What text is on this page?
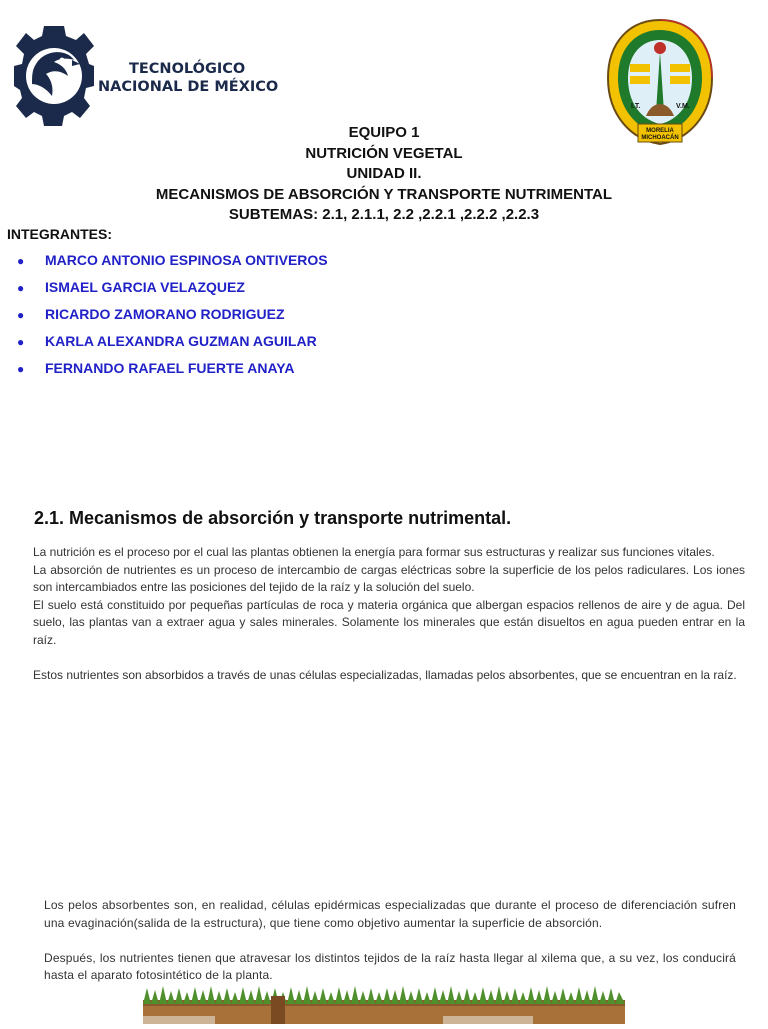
TECNOLÓGICO
NACIONAL DE MÉXICO
I.T.	V.M.
MORELIA
MICHOACÁN
EQUIPO 1
NUTRICIÓN VEGETAL
UNIDAD II.
MECANISMOS DE ABSORCIÓN Y TRANSPORTE NUTRIMENTAL
SUBTEMAS: 2.1, 2.1.1, 2.2 ,2.2.1 ,2.2.2 ,2.2.3
INTEGRANTES:
● MARCO ANTONIO ESPINOSA ONTIVEROS
● ISMAEL GARCIA VELAZQUEZ
● RICARDO ZAMORANO RODRIGUEZ
● KARLA ALEXANDRA GUZMAN AGUILAR
● FERNANDO RAFAEL FUERTE ANAYA
2.1. Mecanismos de absorción y transporte nutrimental.

La nutrición es el proceso por el cual las plantas obtienen la energía para formar sus estructuras y realizar sus funciones vitales.

La absorción de nutrientes es un proceso de intercambio de cargas eléctricas sobre la superficie de los pelos radiculares. Los iones son intercambiados entre las posiciones del tejido de la raíz y la solución del suelo.

El suelo está constituido por pequeñas partículas de roca y materia orgánica que albergan espacios rellenos de aire y de agua. Del suelo, las plantas van a extraer agua y sales minerales. Solamente los minerales que están disueltos en agua pueden entrar en la raíz.

Estos nutrientes son absorbidos a través de unas células especializadas, llamadas pelos absorbentes, que se encuentran en la raíz.

Los pelos absorbentes son, en realidad, células epidérmicas especializadas que durante el proceso de diferenciación sufren una evaginación(salida de la estructura), que tiene como objetivo aumentar la superficie de absorción.

Después, los nutrientes tienen que atravesar los distintos tejidos de la raíz hasta llegar al xilema que, a su vez, los conducirá hasta el aparato fotosintético de la planta.
